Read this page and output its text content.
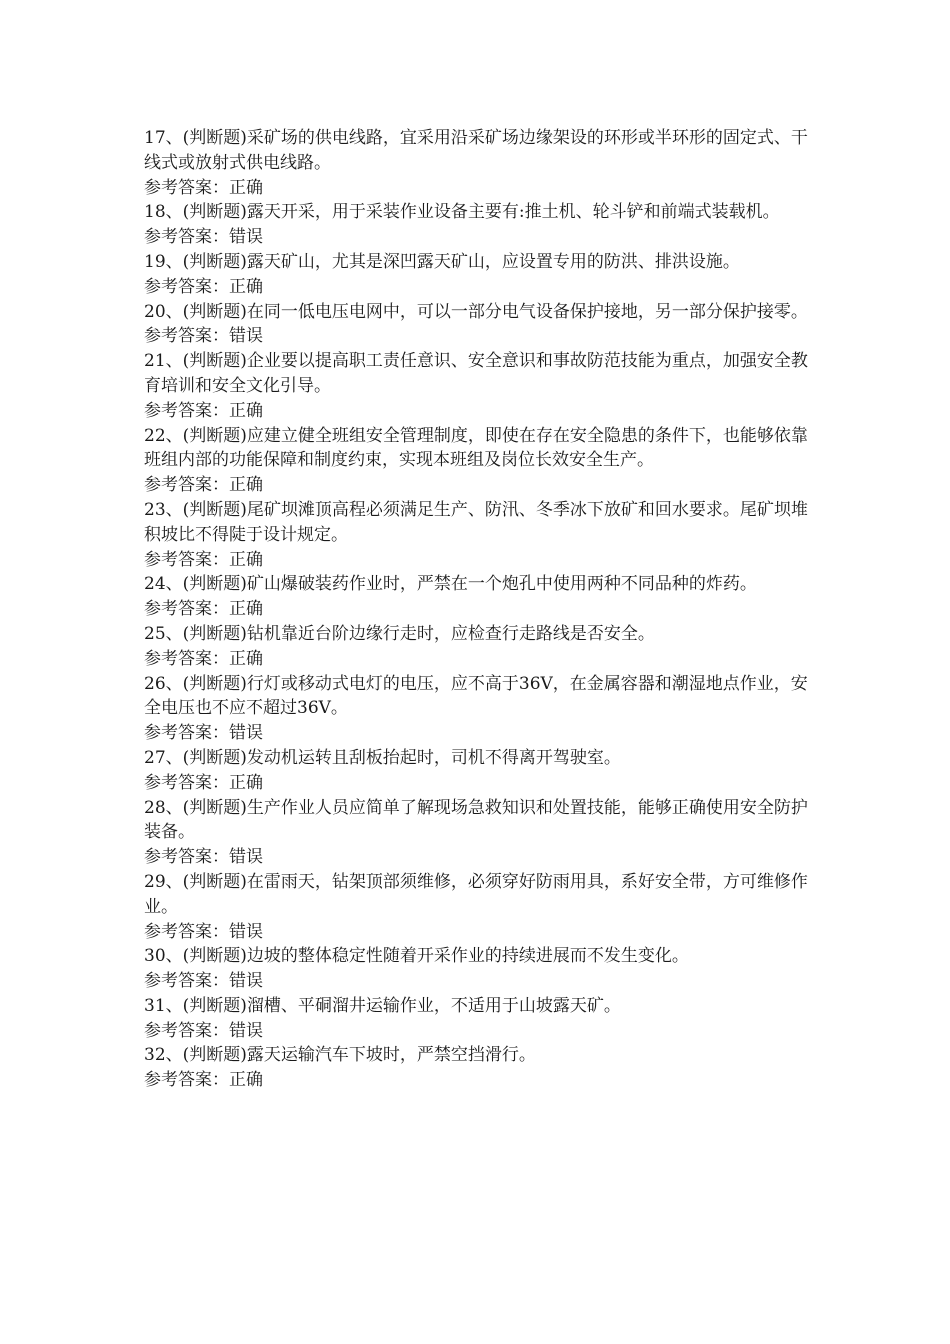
17、(判断题)采矿场的供电线路，宜采用沿采矿场边缘架设的环形或半环形的固定式、干线式或放射式供电线路。

参考答案：正确

18、(判断题)露天开采，用于采装作业设备主要有:推土机、轮斗铲和前端式装载机。

参考答案：错误

19、(判断题)露天矿山，尤其是深凹露天矿山，应设置专用的防洪、排洪设施。

参考答案：正确

20、(判断题)在同一低电压电网中，可以一部分电气设备保护接地，另一部分保护接零。

参考答案：错误

21、(判断题)企业要以提高职工责任意识、安全意识和事故防范技能为重点，加强安全教育培训和安全文化引导。

参考答案：正确

22、(判断题)应建立健全班组安全管理制度，即使在存在安全隐患的条件下，也能够依靠班组内部的功能保障和制度约束，实现本班组及岗位长效安全生产。

参考答案：正确

23、(判断题)尾矿坝滩顶高程必须满足生产、防汛、冬季冰下放矿和回水要求。尾矿坝堆积坡比不得陡于设计规定。

参考答案：正确

24、(判断题)矿山爆破装药作业时，严禁在一个炮孔中使用两种不同品种的炸药。

参考答案：正确

25、(判断题)钻机靠近台阶边缘行走时，应检查行走路线是否安全。

参考答案：正确

26、(判断题)行灯或移动式电灯的电压，应不高于36V，在金属容器和潮湿地点作业，安全电压也不应不超过36V。

参考答案：错误

27、(判断题)发动机运转且刮板抬起时，司机不得离开驾驶室。

参考答案：正确

28、(判断题)生产作业人员应简单了解现场急救知识和处置技能，能够正确使用安全防护装备。

参考答案：错误

29、(判断题)在雷雨天，钻架顶部须维修，必须穿好防雨用具，系好安全带，方可维修作业。

参考答案：错误

30、(判断题)边坡的整体稳定性随着开采作业的持续进展而不发生变化。

参考答案：错误

31、(判断题)溜槽、平硐溜井运输作业，不适用于山坡露天矿。

参考答案：错误

32、(判断题)露天运输汽车下坡时，严禁空挡滑行。

参考答案：正确
